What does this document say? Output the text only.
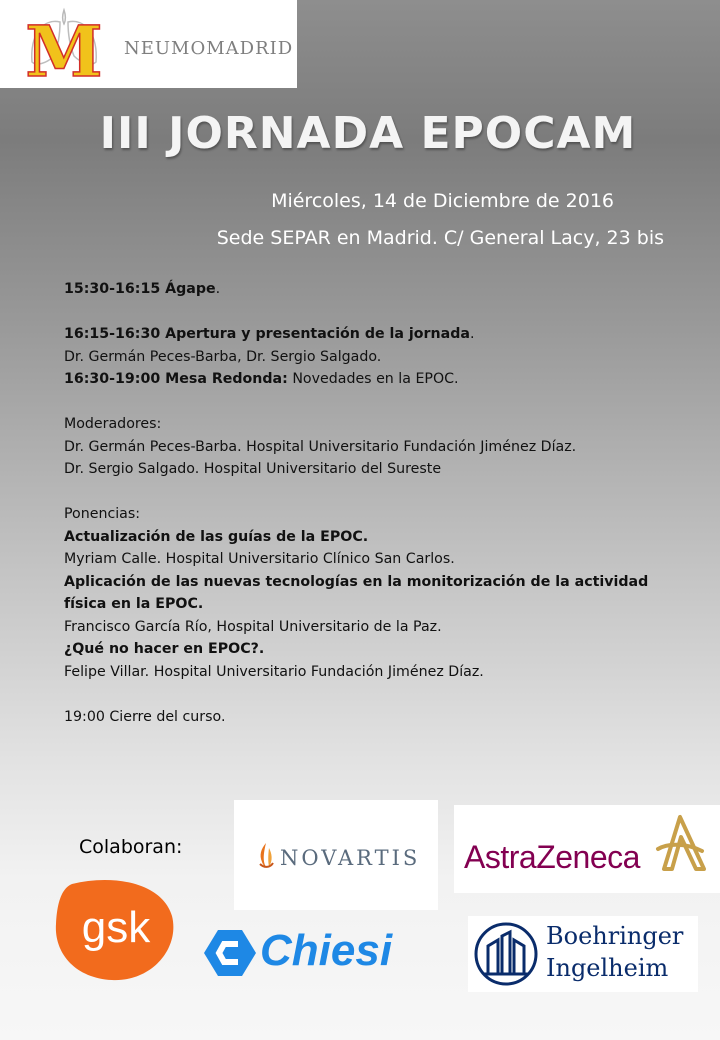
M NEUMOMADRID
III JORNADA EPOCAM
Miércoles, 14 de Diciembre de 2016
Sede SEPAR en Madrid. C/ General Lacy, 23 bis

15:30-16:15 Ágape.

16:15-16:30 Apertura y presentación de la jornada.

Dr. Germán Peces-Barba, Dr. Sergio Salgado.

16:30-19:00 Mesa Redonda: Novedades en la EPOC.

Moderadores:

Dr. Germán Peces-Barba. Hospital Universitario Fundación Jiménez Díaz.

Dr. Sergio Salgado. Hospital Universitario del Sureste

Ponencias:

Actualización de las guías de la EPOC.

Myriam Calle. Hospital Universitario Clínico San Carlos.

Aplicación de las nuevas tecnologías en la monitorización de la actividad

física en la EPOC.

Francisco García Río, Hospital Universitario de la Paz.

¿Qué no hacer en EPOC?.

Felipe Villar. Hospital Universitario Fundación Jiménez Díaz.

19:00 Cierre del curso.

Colaboran:	NOVARTIS AstraZeneca
gsk Chiesi	Boehringer
Ingelheim
